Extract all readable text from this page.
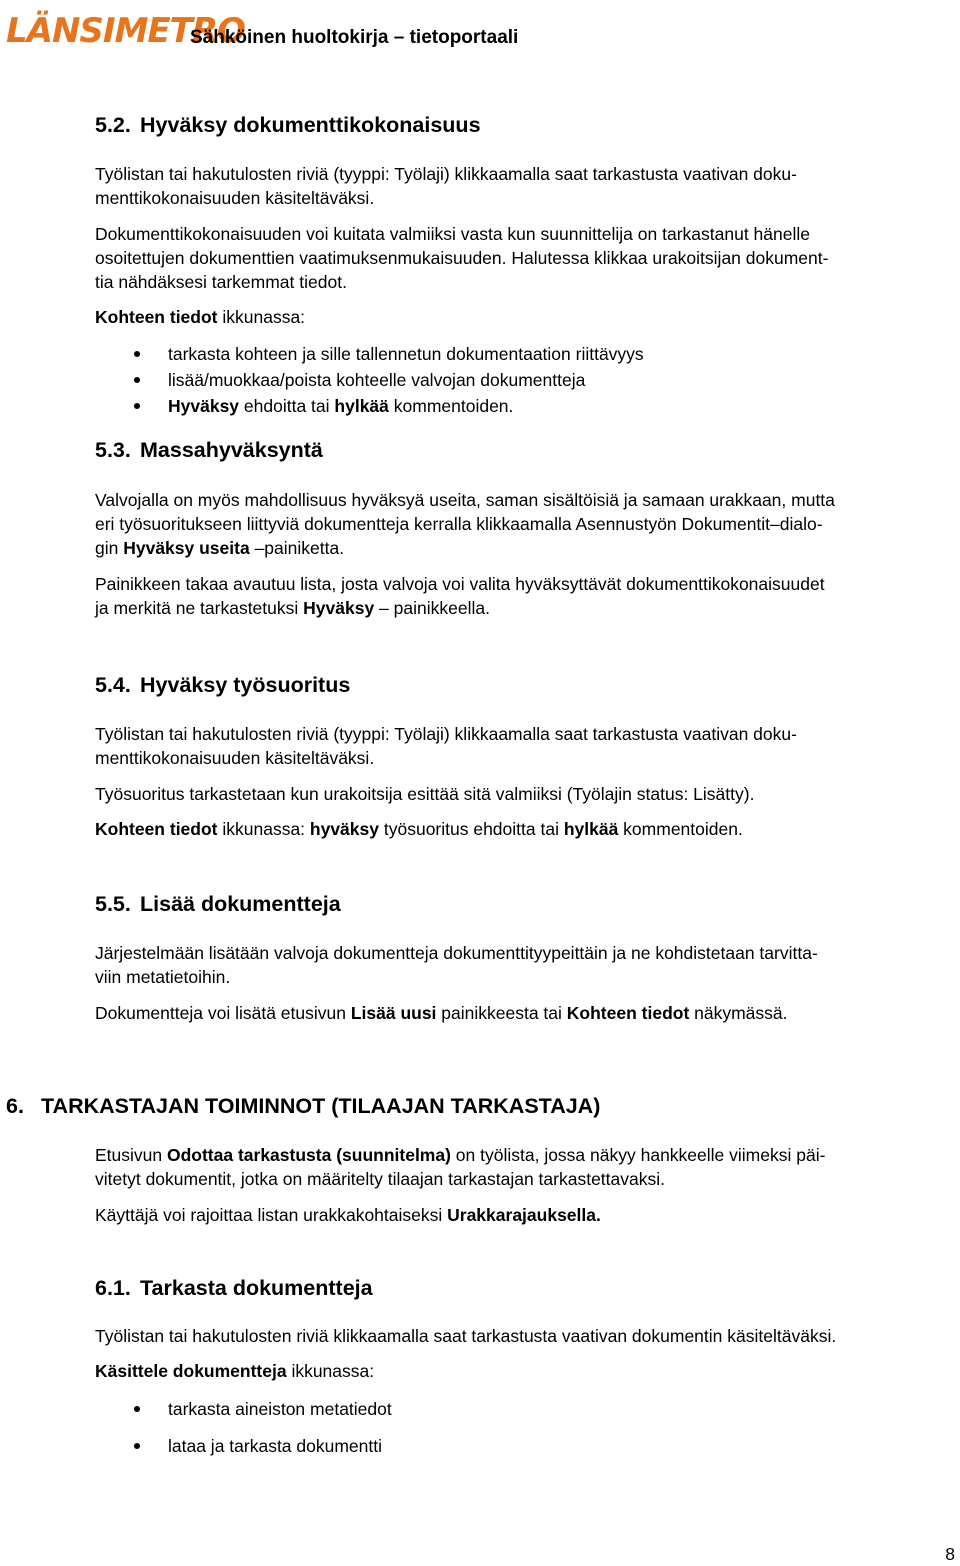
LÄNSIMETRO
Sähköinen huoltokirja – tietoportaali
5.2. Hyväksy dokumenttikokonaisuus

Työlistan tai hakutulosten riviä (tyyppi: Työlaji) klikkaamalla saat tarkastusta vaativan doku-
menttikokonaisuuden käsiteltäväksi.

Dokumenttikokonaisuuden voi kuitata valmiiksi vasta kun suunnittelija on tarkastanut hänelle
osoitettujen dokumenttien vaatimuksenmukaisuuden. Halutessa klikkaa urakoitsijan dokument-
tia nähdäksesi tarkemmat tiedot.

Kohteen tiedot ikkunassa:

tarkasta kohteen ja sille tallennetun dokumentaation riittävyys
lisää/muokkaa/poista kohteelle valvojan dokumentteja
Hyväksy ehdoitta tai hylkää kommentoiden.
5.3. Massahyväksyntä

Valvojalla on myös mahdollisuus hyväksyä useita, saman sisältöisiä ja samaan urakkaan, mutta
eri työsuoritukseen liittyviä dokumentteja kerralla klikkaamalla Asennustyön Dokumentit–dialo-
gin Hyväksy useita –painiketta.

Painikkeen takaa avautuu lista, josta valvoja voi valita hyväksyttävät dokumenttikokonaisuudet
ja merkitä ne tarkastetuksi Hyväksy – painikkeella.

5.4. Hyväksy työsuoritus

Työlistan tai hakutulosten riviä (tyyppi: Työlaji) klikkaamalla saat tarkastusta vaativan doku-
menttikokonaisuuden käsiteltäväksi.

Työsuoritus tarkastetaan kun urakoitsija esittää sitä valmiiksi (Työlajin status: Lisätty).

Kohteen tiedot ikkunassa: hyväksy työsuoritus ehdoitta tai hylkää kommentoiden.

5.5. Lisää dokumentteja

Järjestelmään lisätään valvoja dokumentteja dokumenttityypeittäin ja ne kohdistetaan tarvitta-
viin metatietoihin.

Dokumentteja voi lisätä etusivun Lisää uusi painikkeesta tai Kohteen tiedot näkymässä.

6. TARKASTAJAN TOIMINNOT (TILAAJAN TARKASTAJA)

Etusivun Odottaa tarkastusta (suunnitelma) on työlista, jossa näkyy hankkeelle viimeksi päi-
vitetyt dokumentit, jotka on määritelty tilaajan tarkastajan tarkastettavaksi.

Käyttäjä voi rajoittaa listan urakkakohtaiseksi Urakkarajauksella.

6.1. Tarkasta dokumentteja

Työlistan tai hakutulosten riviä klikkaamalla saat tarkastusta vaativan dokumentin käsiteltäväksi.

Käsittele dokumentteja ikkunassa:

tarkasta aineiston metatiedot
lataa ja tarkasta dokumentti
8
